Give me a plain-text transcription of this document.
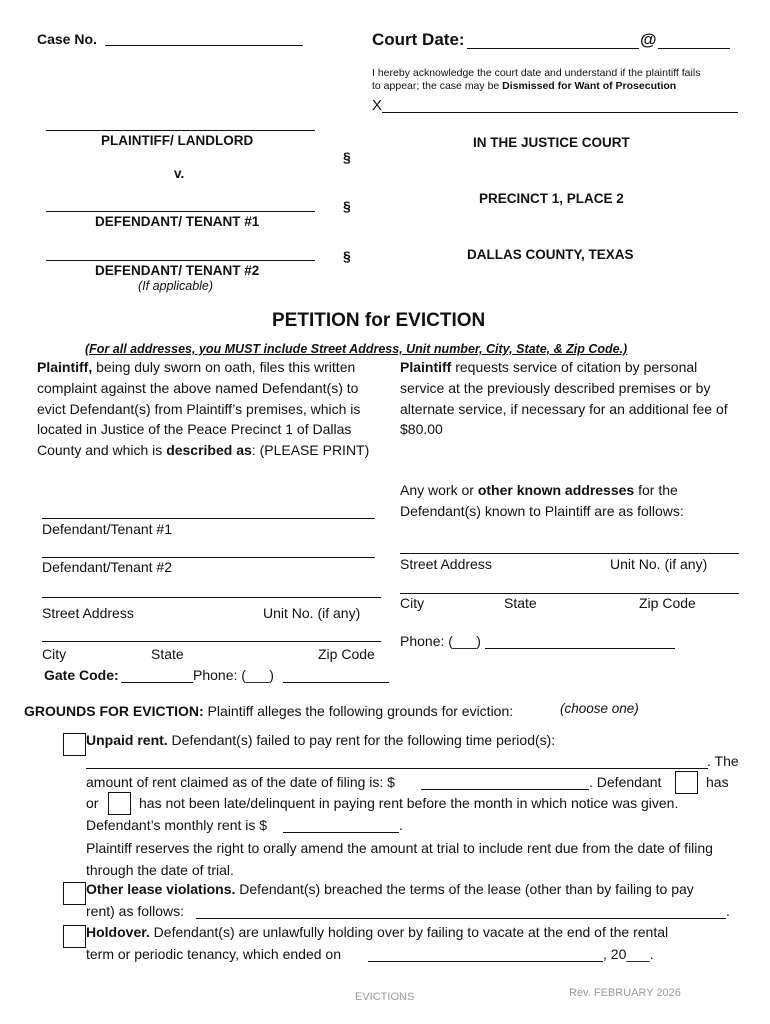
Case No.	Court Date:	@
I hereby acknowledge the court date and understand if the plaintiff fails
to appear; the case may be Dismissed for Want of Prosecution
X
PLAINTIFF/ LANDLORD
v.
DEFENDANT/ TENANT #1
DEFENDANT/ TENANT #2
(If applicable)
§
§
§
IN THE JUSTICE COURT
PRECINCT 1, PLACE 2
DALLAS COUNTY, TEXAS
PETITION for EVICTION
(For all addresses, you MUST include Street Address, Unit number, City, State, & Zip Code.)
Plaintiff, being duly sworn on oath, files this written complaint against the above named Defendant(s) to evict Defendant(s) from Plaintiff’s premises, which is located in Justice of the Peace Precinct 1 of Dallas County and which is described as: (PLEASE PRINT)
Defendant/Tenant #1
Defendant/Tenant #2
Street Address	Unit No. (if any)
City	State	Zip Code
Gate Code:	Phone: (___)
Plaintiff requests service of citation by personal service at the previously described premises or by alternate service, if necessary for an additional fee of $80.00
Any work or other known addresses for the Defendant(s) known to Plaintiff are as follows:
Street Address	Unit No. (if any)
City	State	Zip Code
Phone: (___)
GROUNDS FOR EVICTION: Plaintiff alleges the following grounds for eviction:	(choose one)
Unpaid rent. Defendant(s) failed to pay rent for the following time period(s):
. The
amount of rent claimed as of the date of filing is: $	. Defendant	has
or	has not been late/delinquent in paying rent before the month in which notice was given.
Defendant’s monthly rent is $	.
Plaintiff reserves the right to orally amend the amount at trial to include rent due from the date of filing through the date of trial.
Other lease violations. Defendant(s) breached the terms of the lease (other than by failing to pay
rent) as follows:	.
Holdover. Defendant(s) are unlawfully holding over by failing to vacate at the end of the rental
term or periodic tenancy, which ended on	, 20___.
EVICTIONS	Rev. FEBRUARY 2026
